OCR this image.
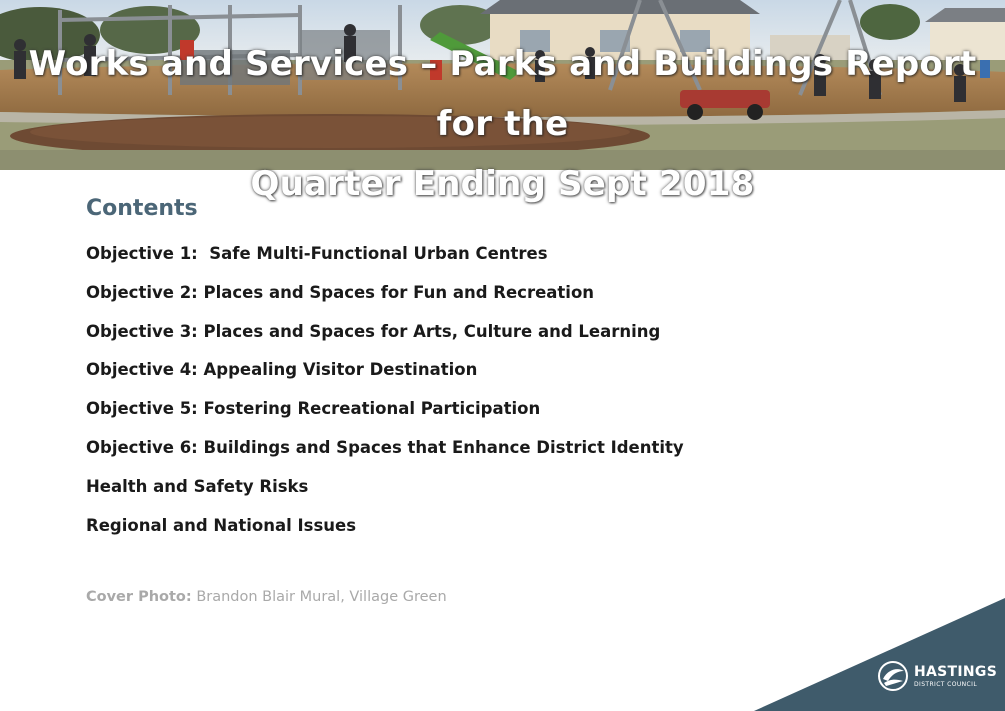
Works and Services – Parks and Buildings Report for the
Quarter Ending Sept 2018
Contents
Objective 1:  Safe Multi-Functional Urban Centres
Objective 2: Places and Spaces for Fun and Recreation
Objective 3: Places and Spaces for Arts, Culture and Learning
Objective 4: Appealing Visitor Destination
Objective 5: Fostering Recreational Participation
Objective 6: Buildings and Spaces that Enhance District Identity
Health and Safety Risks
Regional and National Issues
Cover Photo: Brandon Blair Mural, Village Green
HASTINGS
DISTRICT COUNCIL
